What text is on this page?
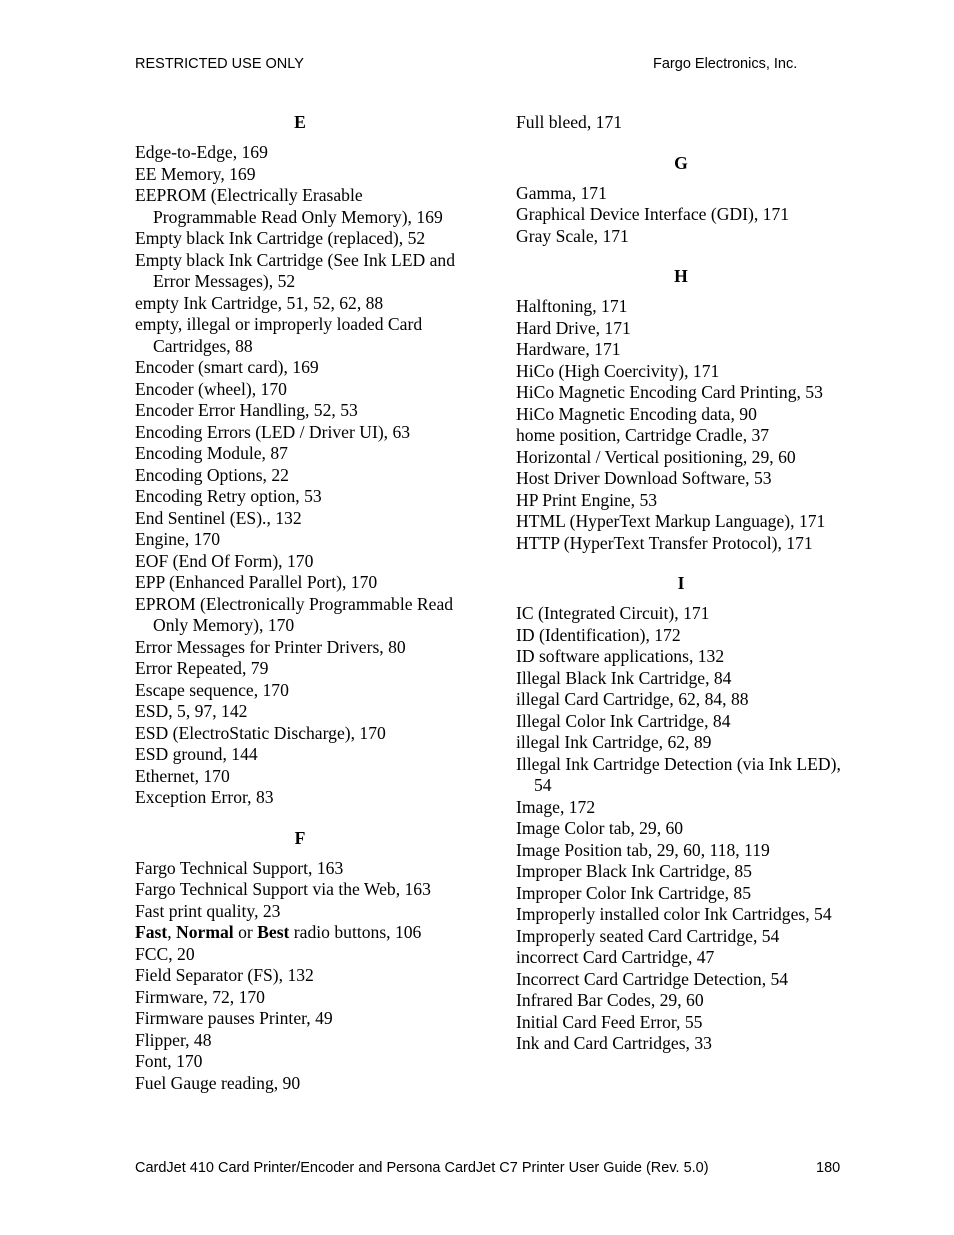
RESTRICTED USE ONLY	Fargo Electronics, Inc.
E
Edge-to-Edge, 169
EE Memory, 169
EEPROM (Electrically Erasable Programmable Read Only Memory), 169
Empty black Ink Cartridge (replaced), 52
Empty black Ink Cartridge (See Ink LED and Error Messages), 52
empty Ink Cartridge, 51, 52, 62, 88
empty, illegal or improperly loaded Card Cartridges, 88
Encoder (smart card), 169
Encoder (wheel), 170
Encoder Error Handling, 52, 53
Encoding Errors (LED / Driver UI), 63
Encoding Module, 87
Encoding Options, 22
Encoding Retry option, 53
End Sentinel (ES)., 132
Engine, 170
EOF (End Of Form), 170
EPP (Enhanced Parallel Port), 170
EPROM (Electronically Programmable Read Only Memory), 170
Error Messages for Printer Drivers, 80
Error Repeated, 79
Escape sequence, 170
ESD, 5, 97, 142
ESD (ElectroStatic Discharge), 170
ESD ground, 144
Ethernet, 170
Exception Error, 83
F
Fargo Technical Support, 163
Fargo Technical Support via the Web, 163
Fast print quality, 23
Fast, Normal or Best radio buttons, 106
FCC, 20
Field Separator (FS), 132
Firmware, 72, 170
Firmware pauses Printer, 49
Flipper, 48
Font, 170
Fuel Gauge reading, 90
Full bleed, 171
G
Gamma, 171
Graphical Device Interface (GDI), 171
Gray Scale, 171
H
Halftoning, 171
Hard Drive, 171
Hardware, 171
HiCo (High Coercivity), 171
HiCo Magnetic Encoding Card Printing, 53
HiCo Magnetic Encoding data, 90
home position, Cartridge Cradle, 37
Horizontal / Vertical positioning, 29, 60
Host Driver Download Software, 53
HP Print Engine, 53
HTML (HyperText Markup Language), 171
HTTP (HyperText Transfer Protocol), 171
I
IC (Integrated Circuit), 171
ID (Identification), 172
ID software applications, 132
Illegal Black Ink Cartridge, 84
illegal Card Cartridge, 62, 84, 88
Illegal Color Ink Cartridge, 84
illegal Ink Cartridge, 62, 89
Illegal Ink Cartridge Detection (via Ink LED), 54
Image, 172
Image Color tab, 29, 60
Image Position tab, 29, 60, 118, 119
Improper Black Ink Cartridge, 85
Improper Color Ink Cartridge, 85
Improperly installed color Ink Cartridges, 54
Improperly seated Card Cartridge, 54
incorrect Card Cartridge, 47
Incorrect Card Cartridge Detection, 54
Infrared Bar Codes, 29, 60
Initial Card Feed Error, 55
Ink and Card Cartridges, 33
CardJet 410 Card Printer/Encoder and Persona CardJet C7 Printer User Guide (Rev. 5.0)	180
